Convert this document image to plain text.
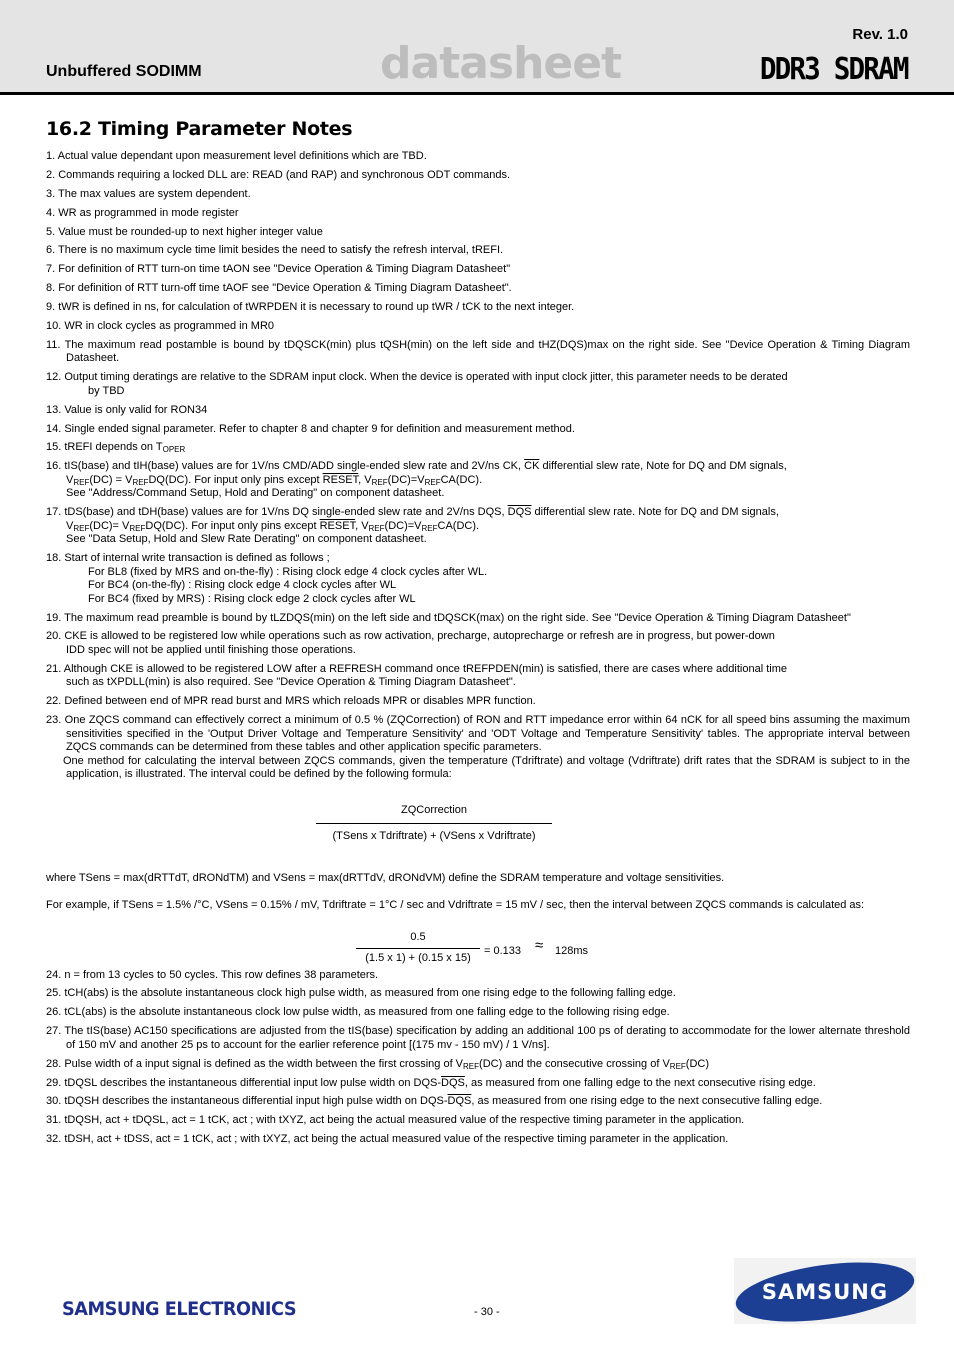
Rev. 1.0
Unbuffered SODIMM	datasheet	DDR3 SDRAM
16.2 Timing Parameter Notes
1. Actual value dependant upon measurement level definitions which are TBD.
2. Commands requiring a locked DLL are: READ (and RAP) and synchronous ODT commands.
3. The max values are system dependent.
4. WR as programmed in mode register
5. Value must be rounded-up to next higher integer value
6. There is no maximum cycle time limit besides the need to satisfy the refresh interval, tREFI.
7. For definition of RTT turn-on time tAON see "Device Operation & Timing Diagram Datasheet"
8. For definition of RTT turn-off time tAOF see "Device Operation & Timing Diagram Datasheet".
9. tWR is defined in ns, for calculation of tWRPDEN it is necessary to round up tWR / tCK to the next integer.
10. WR in clock cycles as programmed in MR0
11. The maximum read postamble is bound by tDQSCK(min) plus tQSH(min) on the left side and tHZ(DQS)max on the right side. See "Device Operation & Timing Diagram Datasheet.
12. Output timing deratings are relative to the SDRAM input clock. When the device is operated with input clock jitter, this parameter needs to be derated
by TBD
13. Value is only valid for RON34
14. Single ended signal parameter. Refer to chapter 8 and chapter 9 for definition and measurement method.
15. tREFI depends on $T_{OPER}$
16. tIS(base) and tIH(base) values are for 1V/ns CMD/ADD single-ended slew rate and 2V/ns CK, $\overline{CK}$ differential slew rate, Note for DQ and DM signals,
$V_{REF}(DC) = V_{REF}DQ(DC)$. For input only pins except RESET, $V_{REF}(DC)=V_{REF}CA(DC)$.
See "Address/Command Setup, Hold and Derating" on component datasheet.
17. tDS(base) and tDH(base) values are for 1V/ns DQ single-ended slew rate and 2V/ns DQS, $\overline{DQS}$ differential slew rate. Note for DQ and DM signals,
$V_{REF}(DC)= V_{REF}DQ(DC)$. For input only pins except RESET, $V_{REF}(DC)=V_{REF}CA(DC)$.
See "Data Setup, Hold and Slew Rate Derating" on component datasheet.
18. Start of internal write transaction is defined as follows ;
For BL8 (fixed by MRS and on-the-fly) : Rising clock edge 4 clock cycles after WL.
For BC4 (on-the-fly) : Rising clock edge 4 clock cycles after WL
For BC4 (fixed by MRS) : Rising clock edge 2 clock cycles after WL
19. The maximum read preamble is bound by tLZDQS(min) on the left side and tDQSCK(max) on the right side. See "Device Operation & Timing Diagram Datasheet"
20. CKE is allowed to be registered low while operations such as row activation, precharge, autoprecharge or refresh are in progress, but power-down
IDD spec will not be applied until finishing those operations.
21. Although CKE is allowed to be registered LOW after a REFRESH command once tREFPDEN(min) is satisfied, there are cases where additional time
such as tXPDLL(min) is also required. See "Device Operation & Timing Diagram Datasheet".
22. Defined between end of MPR read burst and MRS which reloads MPR or disables MPR function.
23. One ZQCS command can effectively correct a minimum of 0.5 % (ZQCorrection) of RON and RTT impedance error within 64 nCK for all speed bins assuming the maximum sensitivities specified in the 'Output Driver Voltage and Temperature Sensitivity' and 'ODT Voltage and Temperature Sensitivity' tables. The appropriate interval between ZQCS commands can be determined from these tables and other application specific parameters.
One method for calculating the interval between ZQCS commands, given the temperature (Tdriftrate) and voltage (Vdriftrate) drift rates that the SDRAM is subject to in the application, is illustrated. The interval could be defined by the following formula:
ZQCorrection
(TSens x Tdriftrate) + (VSens x Vdriftrate)
where TSens = max(dRTTdT, dRONdTM) and VSens = max(dRTTdV, dRONdVM) define the SDRAM temperature and voltage sensitivities.
For example, if TSens = 1.5% /°C, VSens = 0.15% / mV, Tdriftrate = 1°C / sec and Vdriftrate = 15 mV / sec, then the interval between ZQCS commands is calculated as:
$\frac{0.5}{(1.5 x 1) + (0.15 x 15)} = 0.133 \approx 128ms$
24. n = from 13 cycles to 50 cycles. This row defines 38 parameters.
25. tCH(abs) is the absolute instantaneous clock high pulse width, as measured from one rising edge to the following falling edge.
26. tCL(abs) is the absolute instantaneous clock low pulse width, as measured from one falling edge to the following rising edge.
27. The tIS(base) AC150 specifications are adjusted from the tIS(base) specification by adding an additional 100 ps of derating to accommodate for the lower alternate threshold of 150 mV and another 25 ps to account for the earlier reference point [(175 mv - 150 mV) / 1 V/ns].
28. Pulse width of a input signal is defined as the width between the first crossing of $V_{REF}(DC)$ and the consecutive crossing of $V_{REF}(DC)$
29. tDQSL describes the instantaneous differential input low pulse width on DQS-$\overline{DQS}$, as measured from one falling edge to the next consecutive rising edge.
30. tDQSH describes the instantaneous differential input high pulse width on DQS-$\overline{DQS}$, as measured from one rising edge to the next consecutive falling edge.
31. tDQSH, act + tDQSL, act = 1 tCK, act ; with tXYZ, act being the actual measured value of the respective timing parameter in the application.
32. tDSH, act + tDSS, act = 1 tCK, act ; with tXYZ, act being the actual measured value of the respective timing parameter in the application.
SAMSUNG ELECTRONICS	- 30 -
SAMSUNG
